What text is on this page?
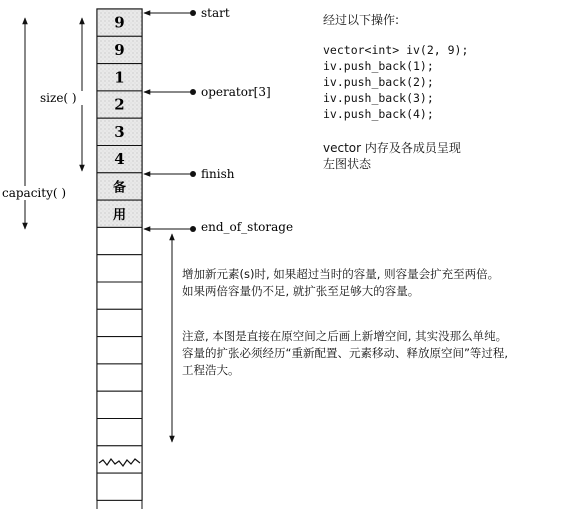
9
9
1
2
3
4
备
用
start
operator[3]
finish
end_of_storage
size( )
capacity( )
经过以下操作:
vector<int> iv(2, 9);
iv.push_back(1);
iv.push_back(2);
iv.push_back(3);
iv.push_back(4);
vector 内存及各成员呈现
左图状态
增加新元素(s)时, 如果超过当时的容量, 则容量会扩充至两倍。
如果两倍容量仍不足, 就扩张至足够大的容量。
注意, 本图是直接在原空间之后画上新增空间, 其实没那么单纯。
容量的扩张必须经历“重新配置、元素移动、释放原空间”等过程,
工程浩大。
